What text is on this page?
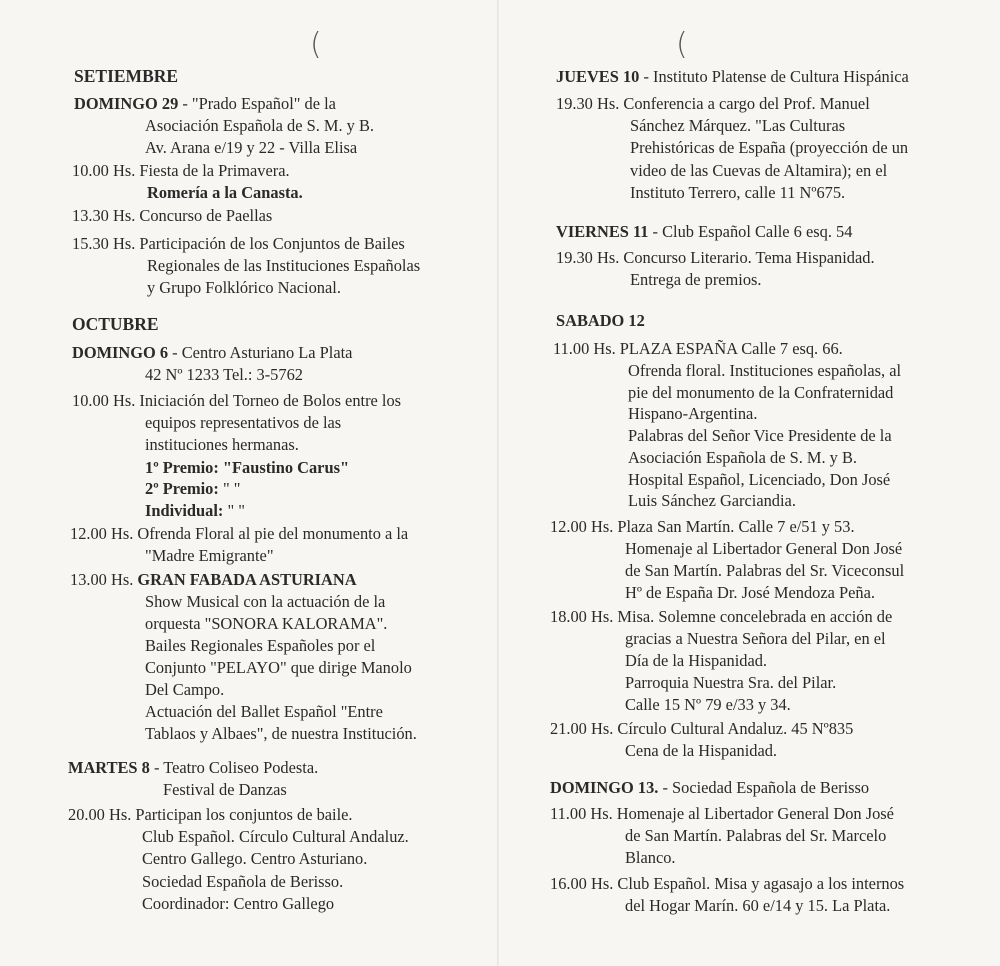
(	(
SETIEMBRE
DOMINGO 29 - "Prado Español" de la
Asociación Española de S. M. y B.
Av. Arana e/19 y 22 - Villa Elisa
10.00 Hs. Fiesta de la Primavera.
Romería a la Canasta.
13.30 Hs. Concurso de Paellas
15.30 Hs. Participación de los Conjuntos de Bailes
Regionales de las Instituciones Españolas
y Grupo Folklórico Nacional.
OCTUBRE
DOMINGO 6 - Centro Asturiano La Plata
42 Nº 1233 Tel.: 3-5762
10.00 Hs. Iniciación del Torneo de Bolos entre los
equipos representativos de las
instituciones hermanas.
1º Premio: "Faustino Carus"
2º Premio: " "
Individual: " "
12.00 Hs. Ofrenda Floral al pie del monumento a la
"Madre Emigrante"
13.00 Hs. GRAN FABADA ASTURIANA
Show Musical con la actuación de la
orquesta "SONORA KALORAMA".
Bailes Regionales Españoles por el
Conjunto "PELAYO" que dirige Manolo
Del Campo.
Actuación del Ballet Español "Entre
Tablaos y Albaes", de nuestra Institución.
MARTES 8 - Teatro Coliseo Podesta.
Festival de Danzas
20.00 Hs. Participan los conjuntos de baile.
Club Español. Círculo Cultural Andaluz.
Centro Gallego. Centro Asturiano.
Sociedad Española de Berisso.
Coordinador: Centro Gallego
JUEVES 10 - Instituto Platense de Cultura Hispánica
19.30 Hs. Conferencia a cargo del Prof. Manuel
Sánchez Márquez. "Las Culturas
Prehistóricas de España (proyección de un
video de las Cuevas de Altamira); en el
Instituto Terrero, calle 11 Nº675.
VIERNES 11 - Club Español Calle 6 esq. 54
19.30 Hs. Concurso Literario. Tema Hispanidad.
Entrega de premios.
SABADO 12
11.00 Hs. PLAZA ESPAÑA Calle 7 esq. 66.
Ofrenda floral. Instituciones españolas, al
pie del monumento de la Confraternidad
Hispano-Argentina.
Palabras del Señor Vice Presidente de la
Asociación Española de S. M. y B.
Hospital Español, Licenciado, Don José
Luis Sánchez Garciandia.
12.00 Hs. Plaza San Martín. Calle 7 e/51 y 53.
Homenaje al Libertador General Don José
de San Martín. Palabras del Sr. Viceconsul
Hº de España Dr. José Mendoza Peña.
18.00 Hs. Misa. Solemne concelebrada en acción de
gracias a Nuestra Señora del Pilar, en el
Día de la Hispanidad.
Parroquia Nuestra Sra. del Pilar.
Calle 15 Nº 79 e/33 y 34.
21.00 Hs. Círculo Cultural Andaluz. 45 Nº835
Cena de la Hispanidad.
DOMINGO 13. - Sociedad Española de Berisso
11.00 Hs. Homenaje al Libertador General Don José
de San Martín. Palabras del Sr. Marcelo
Blanco.
16.00 Hs. Club Español. Misa y agasajo a los internos
del Hogar Marín. 60 e/14 y 15. La Plata.
